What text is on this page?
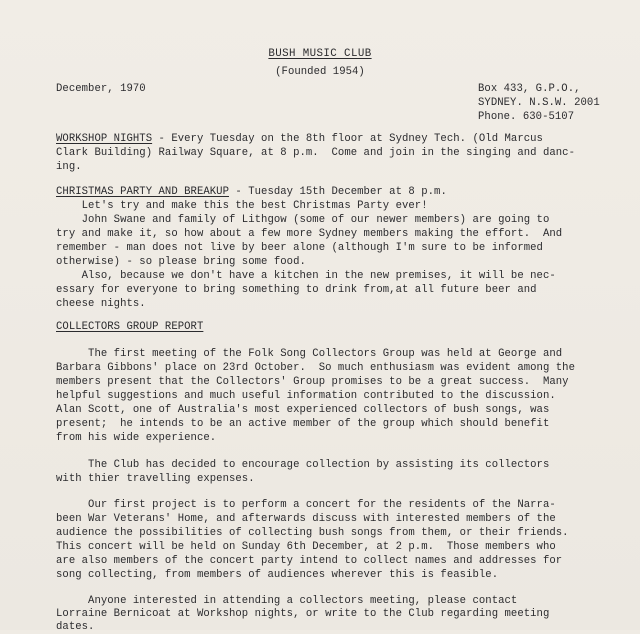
BUSH MUSIC CLUB
(Founded 1954)
December, 1970	Box 433, G.P.O.,
SYDNEY. N.S.W. 2001
Phone. 630-5107
WORKSHOP NIGHTS - Every Tuesday on the 8th floor at Sydney Tech. (Old Marcus
Clark Building) Railway Square, at 8 p.m.  Come and join in the singing and danc-
ing.
CHRISTMAS PARTY AND BREAKUP - Tuesday 15th December at 8 p.m.
Let's try and make this the best Christmas Party ever!
John Swane and family of Lithgow (some of our newer members) are going to
try and make it, so how about a few more Sydney members making the effort.  And
remember - man does not live by beer alone (although I'm sure to be informed
otherwise) - so please bring some food.
Also, because we don't have a kitchen in the new premises, it will be nec-
essary for everyone to bring something to drink from,at all future beer and
cheese nights.
COLLECTORS GROUP REPORT
The first meeting of the Folk Song Collectors Group was held at George and
Barbara Gibbons' place on 23rd October.  So much enthusiasm was evident among the
members present that the Collectors' Group promises to be a great success.  Many
helpful suggestions and much useful information contributed to the discussion.
Alan Scott, one of Australia's most experienced collectors of bush songs, was
present;  he intends to be an active member of the group which should benefit
from his wide experience.
The Club has decided to encourage collection by assisting its collectors
with thier travelling expenses.
Our first project is to perform a concert for the residents of the Narra-
been War Veterans' Home, and afterwards discuss with interested members of the
audience the possibilities of collecting bush songs from them, or their friends.
This concert will be held on Sunday 6th December, at 2 p.m.  Those members who
are also members of the concert party intend to collect names and addresses for
song collecting, from members of audiences wherever this is feasible.
Anyone interested in attending a collectors meeting, please contact
Lorraine Bernicoat at Workshop nights, or write to the Club regarding meeting
dates.
